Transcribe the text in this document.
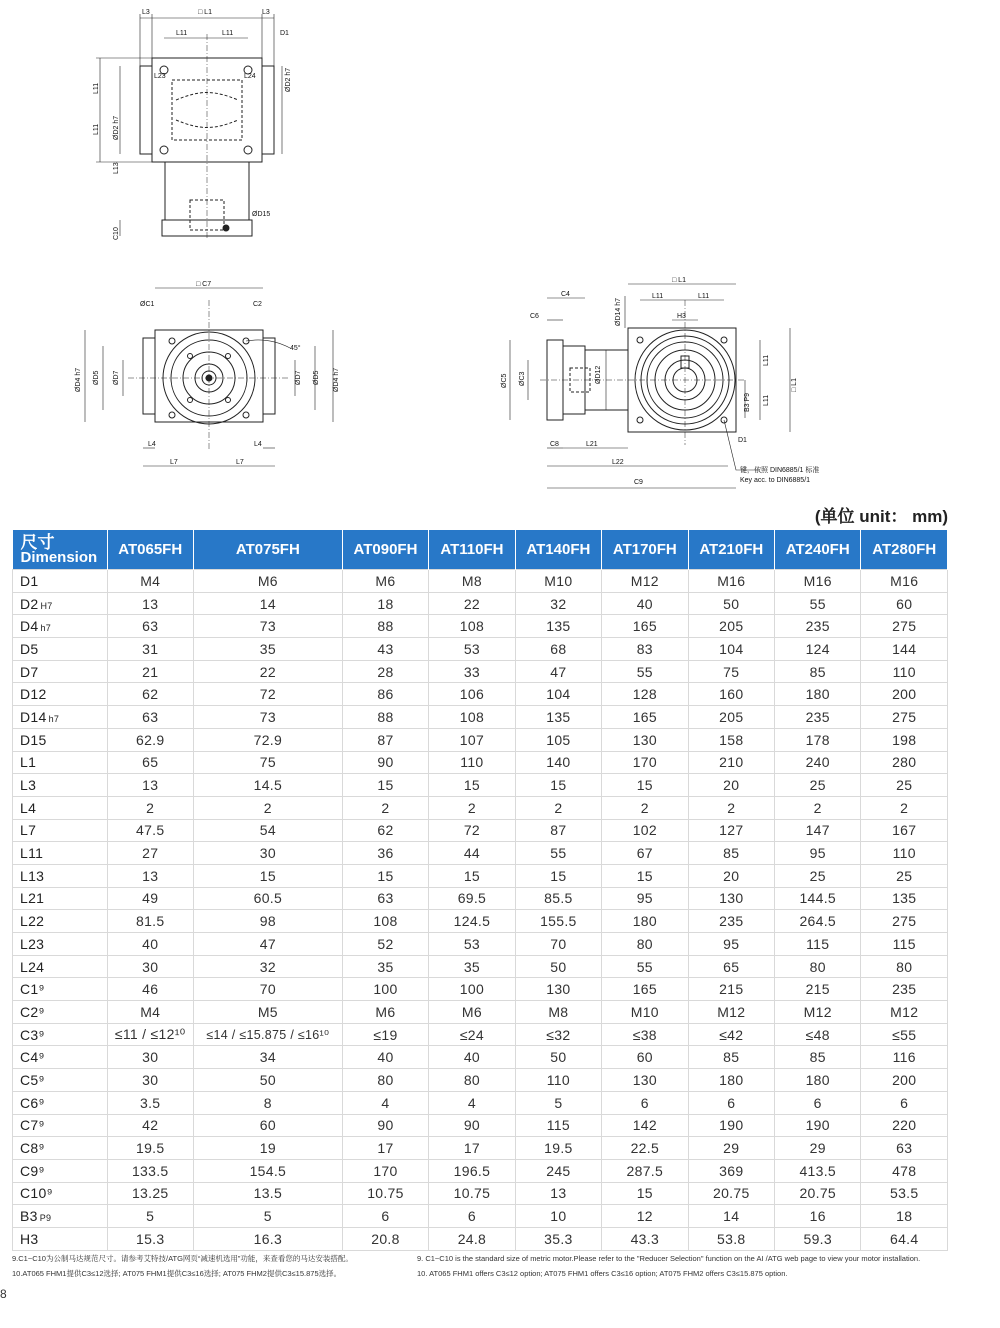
L3	□ L1	L3
L11	L11	D1
L23	L24	ØD2 h7
L11
L11 ØD2 h7
L13
ØD15
C10
□ C7
ØC1	C2
45°
ØD4 h7 ØD5 ØD7	ØD7 ØD5 ØD4 h7
L4	L4
L7	L7
C4
C6	ØD14 h7
□ L1
L11	L11
H3
ØC5 ØC3	ØD12
L11
L11
□ L1
B3 P9
D1
C8	L21
L22
C9
键，依照 DIN6885/1 标准
Key acc. to DIN6885/1
(单位 unit： mm)
尺寸
Dimension	AT065FH	AT075FH	AT090FH	AT110FH	AT140FH	AT170FH	AT210FH	AT240FH	AT280FH
D1	M4	M6	M6	M8	M10	M12	M16	M16	M16
D2 H7	13	14	18	22	32	40	50	55	60
D4 h7	63	73	88	108	135	165	205	235	275
D5	31	35	43	53	68	83	104	124	144
D7	21	22	28	33	47	55	75	85	110
D12	62	72	86	106	104	128	160	180	200
D14 h7	63	73	88	108	135	165	205	235	275
D15	62.9	72.9	87	107	105	130	158	178	198
L1	65	75	90	110	140	170	210	240	280
L3	13	14.5	15	15	15	15	20	25	25
L4	2	2	2	2	2	2	2	2	2
L7	47.5	54	62	72	87	102	127	147	167
L11	27	30	36	44	55	67	85	95	110
L13	13	15	15	15	15	15	20	25	25
L21	49	60.5	63	69.5	85.5	95	130	144.5	135
L22	81.5	98	108	124.5	155.5	180	235	264.5	275
L23	40	47	52	53	70	80	95	115	115
L24	30	32	35	35	50	55	65	80	80
C1⁹	46	70	100	100	130	165	215	215	235
C2⁹	M4	M5	M6	M6	M8	M10	M12	M12	M12
C3⁹	≤11 / ≤12¹⁰	≤14 / ≤15.875 / ≤16¹⁰	≤19	≤24	≤32	≤38	≤42	≤48	≤55
C4⁹	30	34	40	40	50	60	85	85	116
C5⁹	30	50	80	80	110	130	180	180	200
C6⁹	3.5	8	4	4	5	6	6	6	6
C7⁹	42	60	90	90	115	142	190	190	220
C8⁹	19.5	19	17	17	19.5	22.5	29	29	63
C9⁹	133.5	154.5	170	196.5	245	287.5	369	413.5	478
C10⁹	13.25	13.5	10.75	10.75	13	15	20.75	20.75	53.5
B3 P9	5	5	6	6	10	12	14	16	18
H3	15.3	16.3	20.8	24.8	35.3	43.3	53.8	59.3	64.4
9.C1~C10为公制马达规范尺寸。请参考艾特技/ATG网页“减速机选用”功能，来查看您的马达安装搭配。
10.AT065 FHM1提供C3≤12选择; AT075 FHM1提供C3≤16选择; AT075 FHM2提供C3≤15.875选择。
9. C1~C10 is the standard size of metric motor.Please refer to the "Reducer Selection" function on the AI /ATG web page to view your motor installation.
10. AT065 FHM1 offers C3≤12 option; AT075 FHM1 offers C3≤16 option; AT075 FHM2 offers C3≤15.875 option.
8
